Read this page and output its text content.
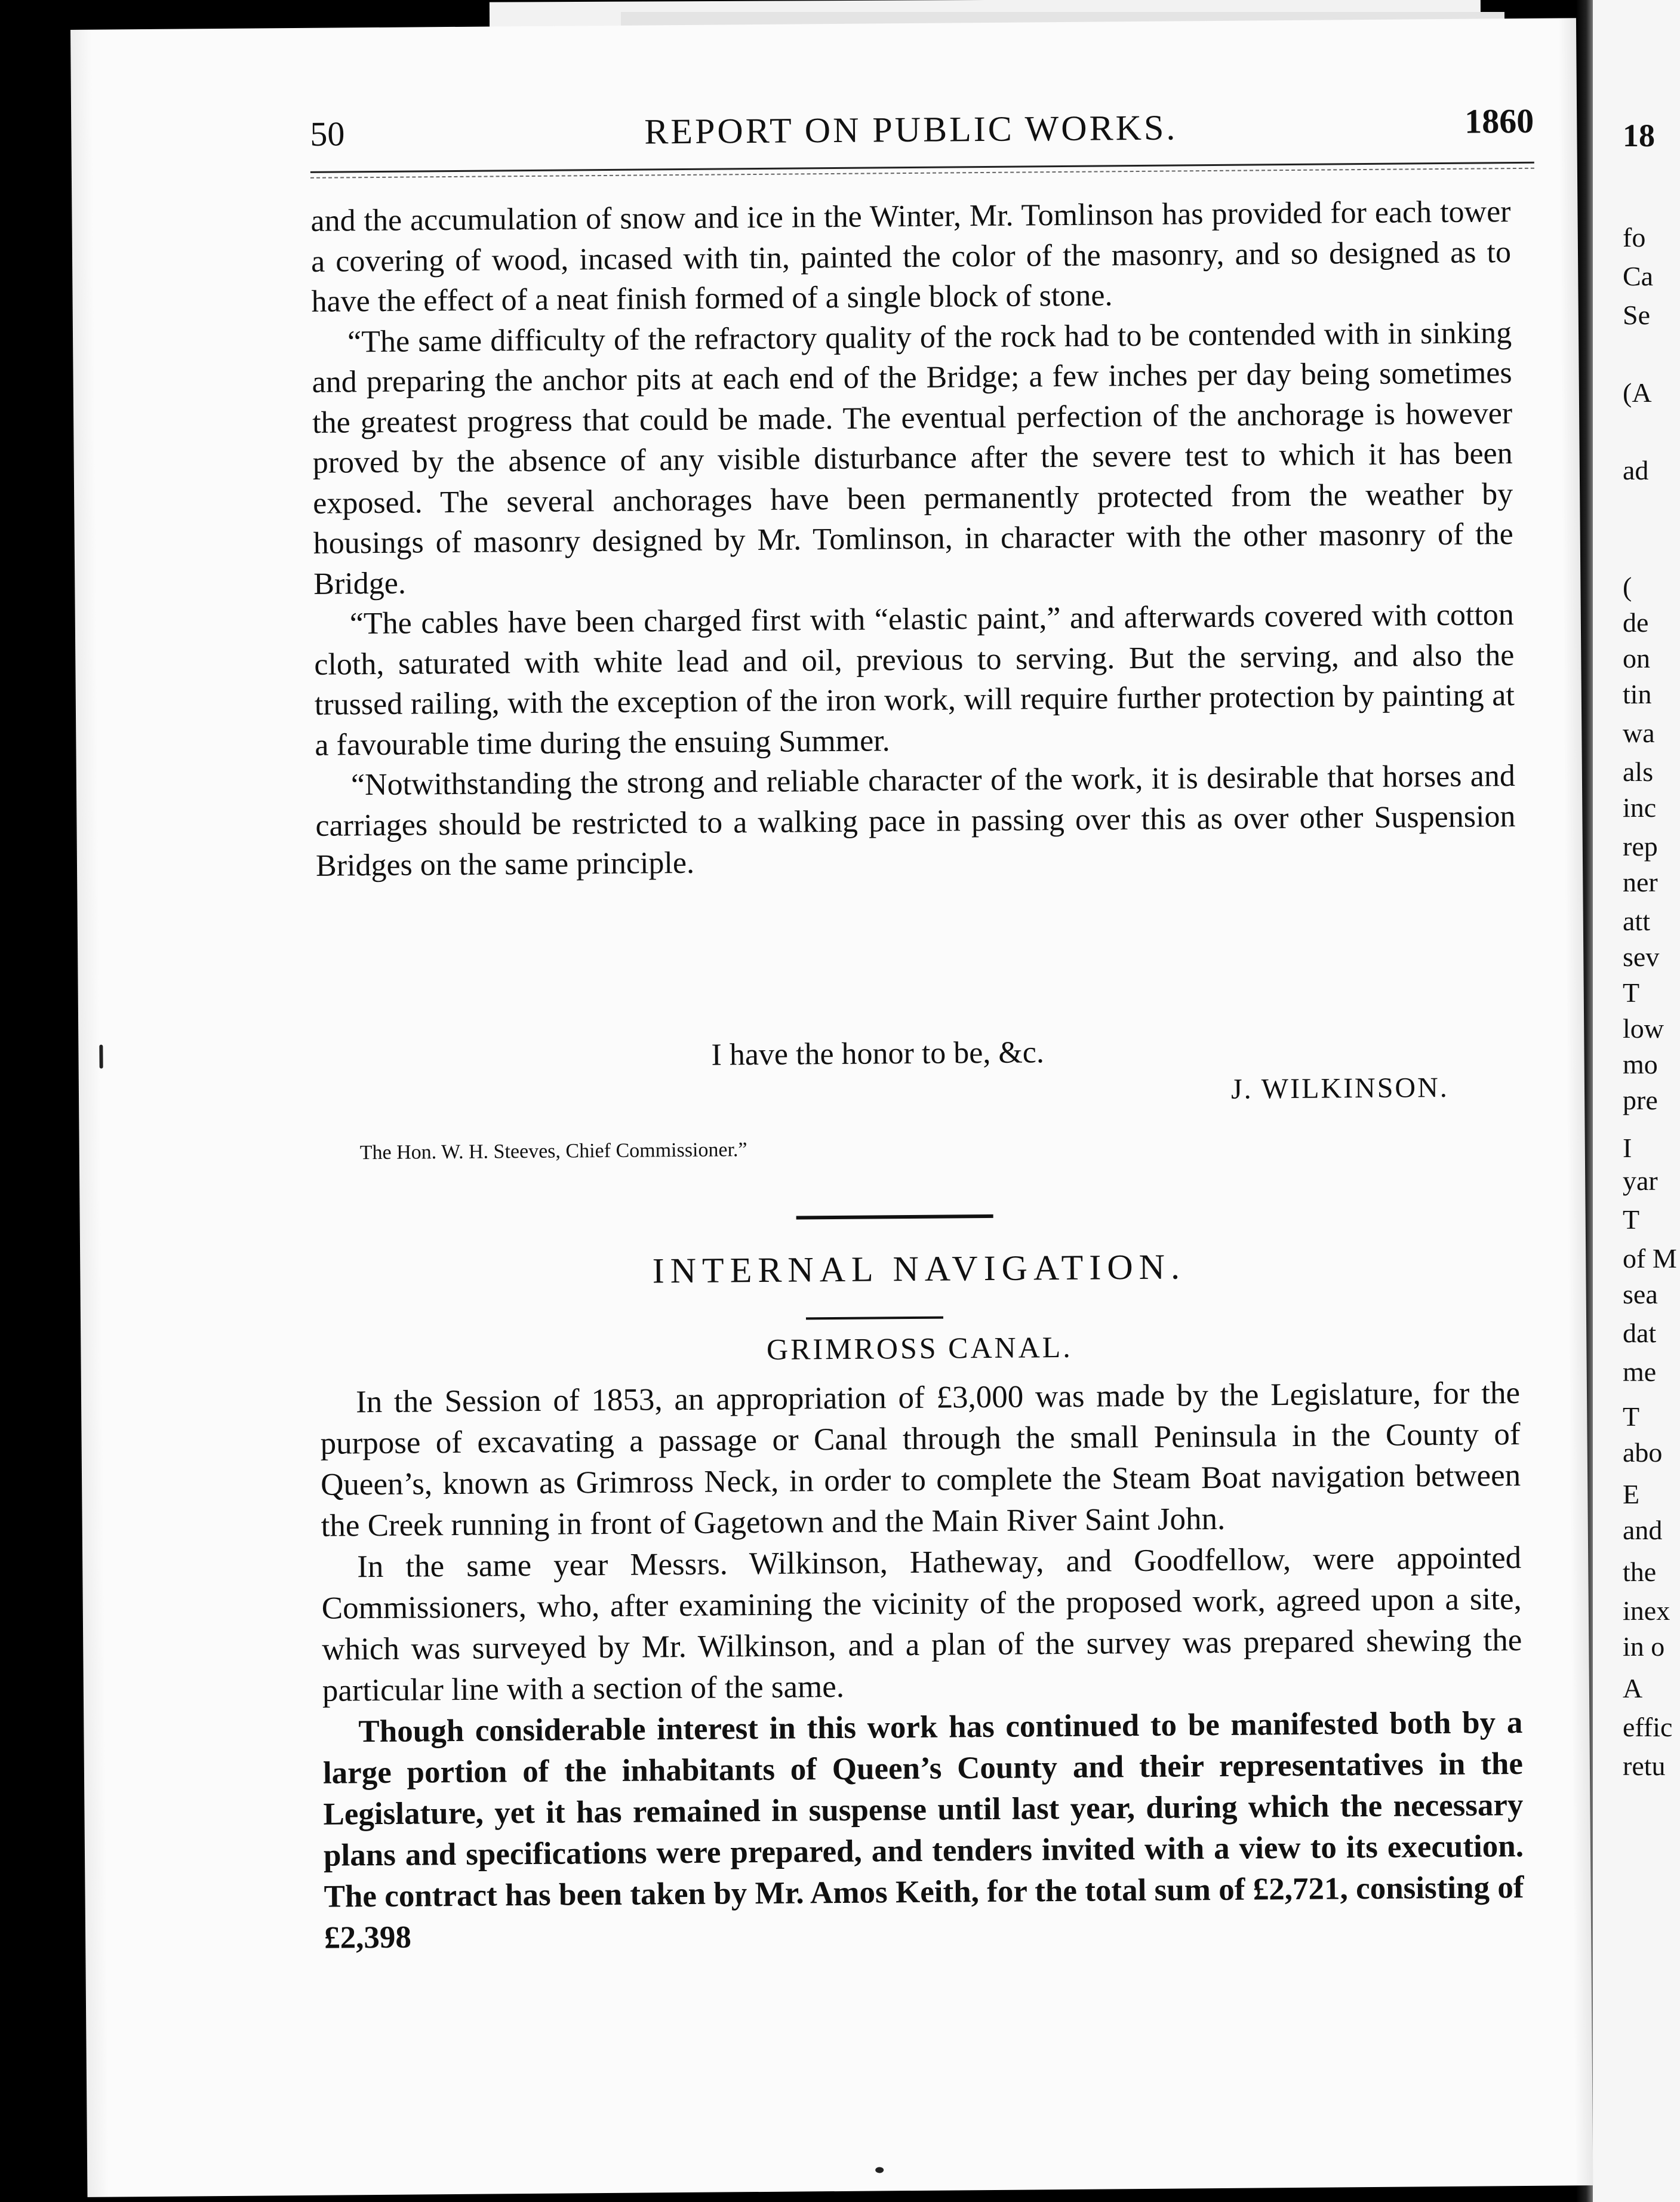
18
fo
Ca
Se
(A
ad
(
de
on
tin
wa
als
inc
rep
ner
att
sev
T
low
mo
pre
I
yar
T
of M
sea
dat
me
T
abo
E
and
the
inex
in o
A
effic
retu
50	REPORT ON PUBLIC WORKS.	1860

and the accumulation of snow and ice in the Winter, Mr. Tomlinson has provided for each tower a covering of wood, incased with tin, painted the color of the masonry, and so designed as to have the effect of a neat finish formed of a single block of stone.

“The same difficulty of the refractory quality of the rock had to be contended with in sinking and preparing the anchor pits at each end of the Bridge; a few inches per day being sometimes the greatest progress that could be made. The eventual perfection of the anchorage is however proved by the absence of any visible disturbance after the severe test to which it has been exposed. The several anchorages have been permanently protected from the weather by housings of masonry designed by Mr. Tomlinson, in character with the other masonry of the Bridge.

“The cables have been charged first with “elastic paint,” and afterwards covered with cotton cloth, saturated with white lead and oil, previous to serving. But the serving, and also the trussed railing, with the exception of the iron work, will require further protection by painting at a favourable time during the ensuing Summer.

“Notwithstanding the strong and reliable character of the work, it is desirable that horses and carriages should be restricted to a walking pace in passing over this as over other Suspension Bridges on the same principle.

I have the honor to be, &c.
J. WILKINSON.
The Hon. W. H. Steeves, Chief Commissioner.”
INTERNAL NAVIGATION.
GRIMROSS CANAL.

In the Session of 1853, an appropriation of £3,000 was made by the Legislature, for the purpose of excavating a passage or Canal through the small Peninsula in the County of Queen’s, known as Grimross Neck, in order to complete the Steam Boat navigation between the Creek running in front of Gagetown and the Main River Saint John.

In the same year Messrs. Wilkinson, Hatheway, and Goodfellow, were appointed Commissioners, who, after examining the vicinity of the proposed work, agreed upon a site, which was surveyed by Mr. Wilkinson, and a plan of the survey was prepared shewing the particular line with a section of the same.

Though considerable interest in this work has continued to be manifested both by a large portion of the inhabitants of Queen’s County and their representatives in the Legislature, yet it has remained in suspense until last year, during which the necessary plans and specifications were prepared, and tenders invited with a view to its execution. The contract has been taken by Mr. Amos Keith, for the total sum of £2,721, consisting of £2,398
